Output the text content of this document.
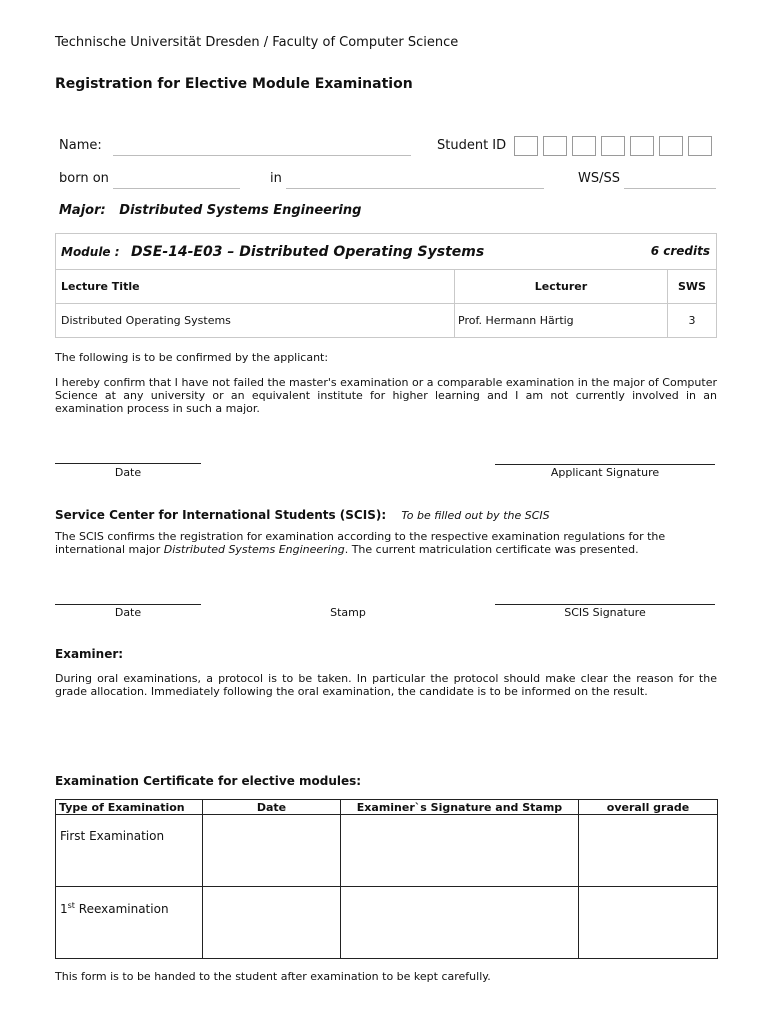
Technische Universität Dresden / Faculty of Computer Science
Registration for Elective Module Examination
Name:	Student ID
born on	in	WS/SS
Major: Distributed Systems Engineering
Module : DSE-14-E03 – Distributed Operating Systems 6 credits		

Lecture Title	Lecturer	SWS
Distributed Operating Systems	Prof. Hermann Härtig	3
The following is to be confirmed by the applicant:
I hereby confirm that I have not failed the master's examination or a comparable examination in the major of Computer Science at any university or an equivalent institute for higher learning and I am not currently involved in an examination process in such a major.
Date	Applicant Signature
Service Center for International Students (SCIS): To be filled out by the SCIS
The SCIS confirms the registration for examination according to the respective examination regulations for the international major Distributed Systems Engineering. The current matriculation certificate was presented.
Date	Stamp	SCIS Signature
Examiner:
During oral examinations, a protocol is to be taken. In particular the protocol should make clear the reason for the grade allocation. Immediately following the oral examination, the candidate is to be informed on the result.
Examination Certificate for elective modules:
Type of Examination	Date	Examiner`s Signature and Stamp	overall grade
First Examination			
1st Reexamination			
This form is to be handed to the student after examination to be kept carefully.
